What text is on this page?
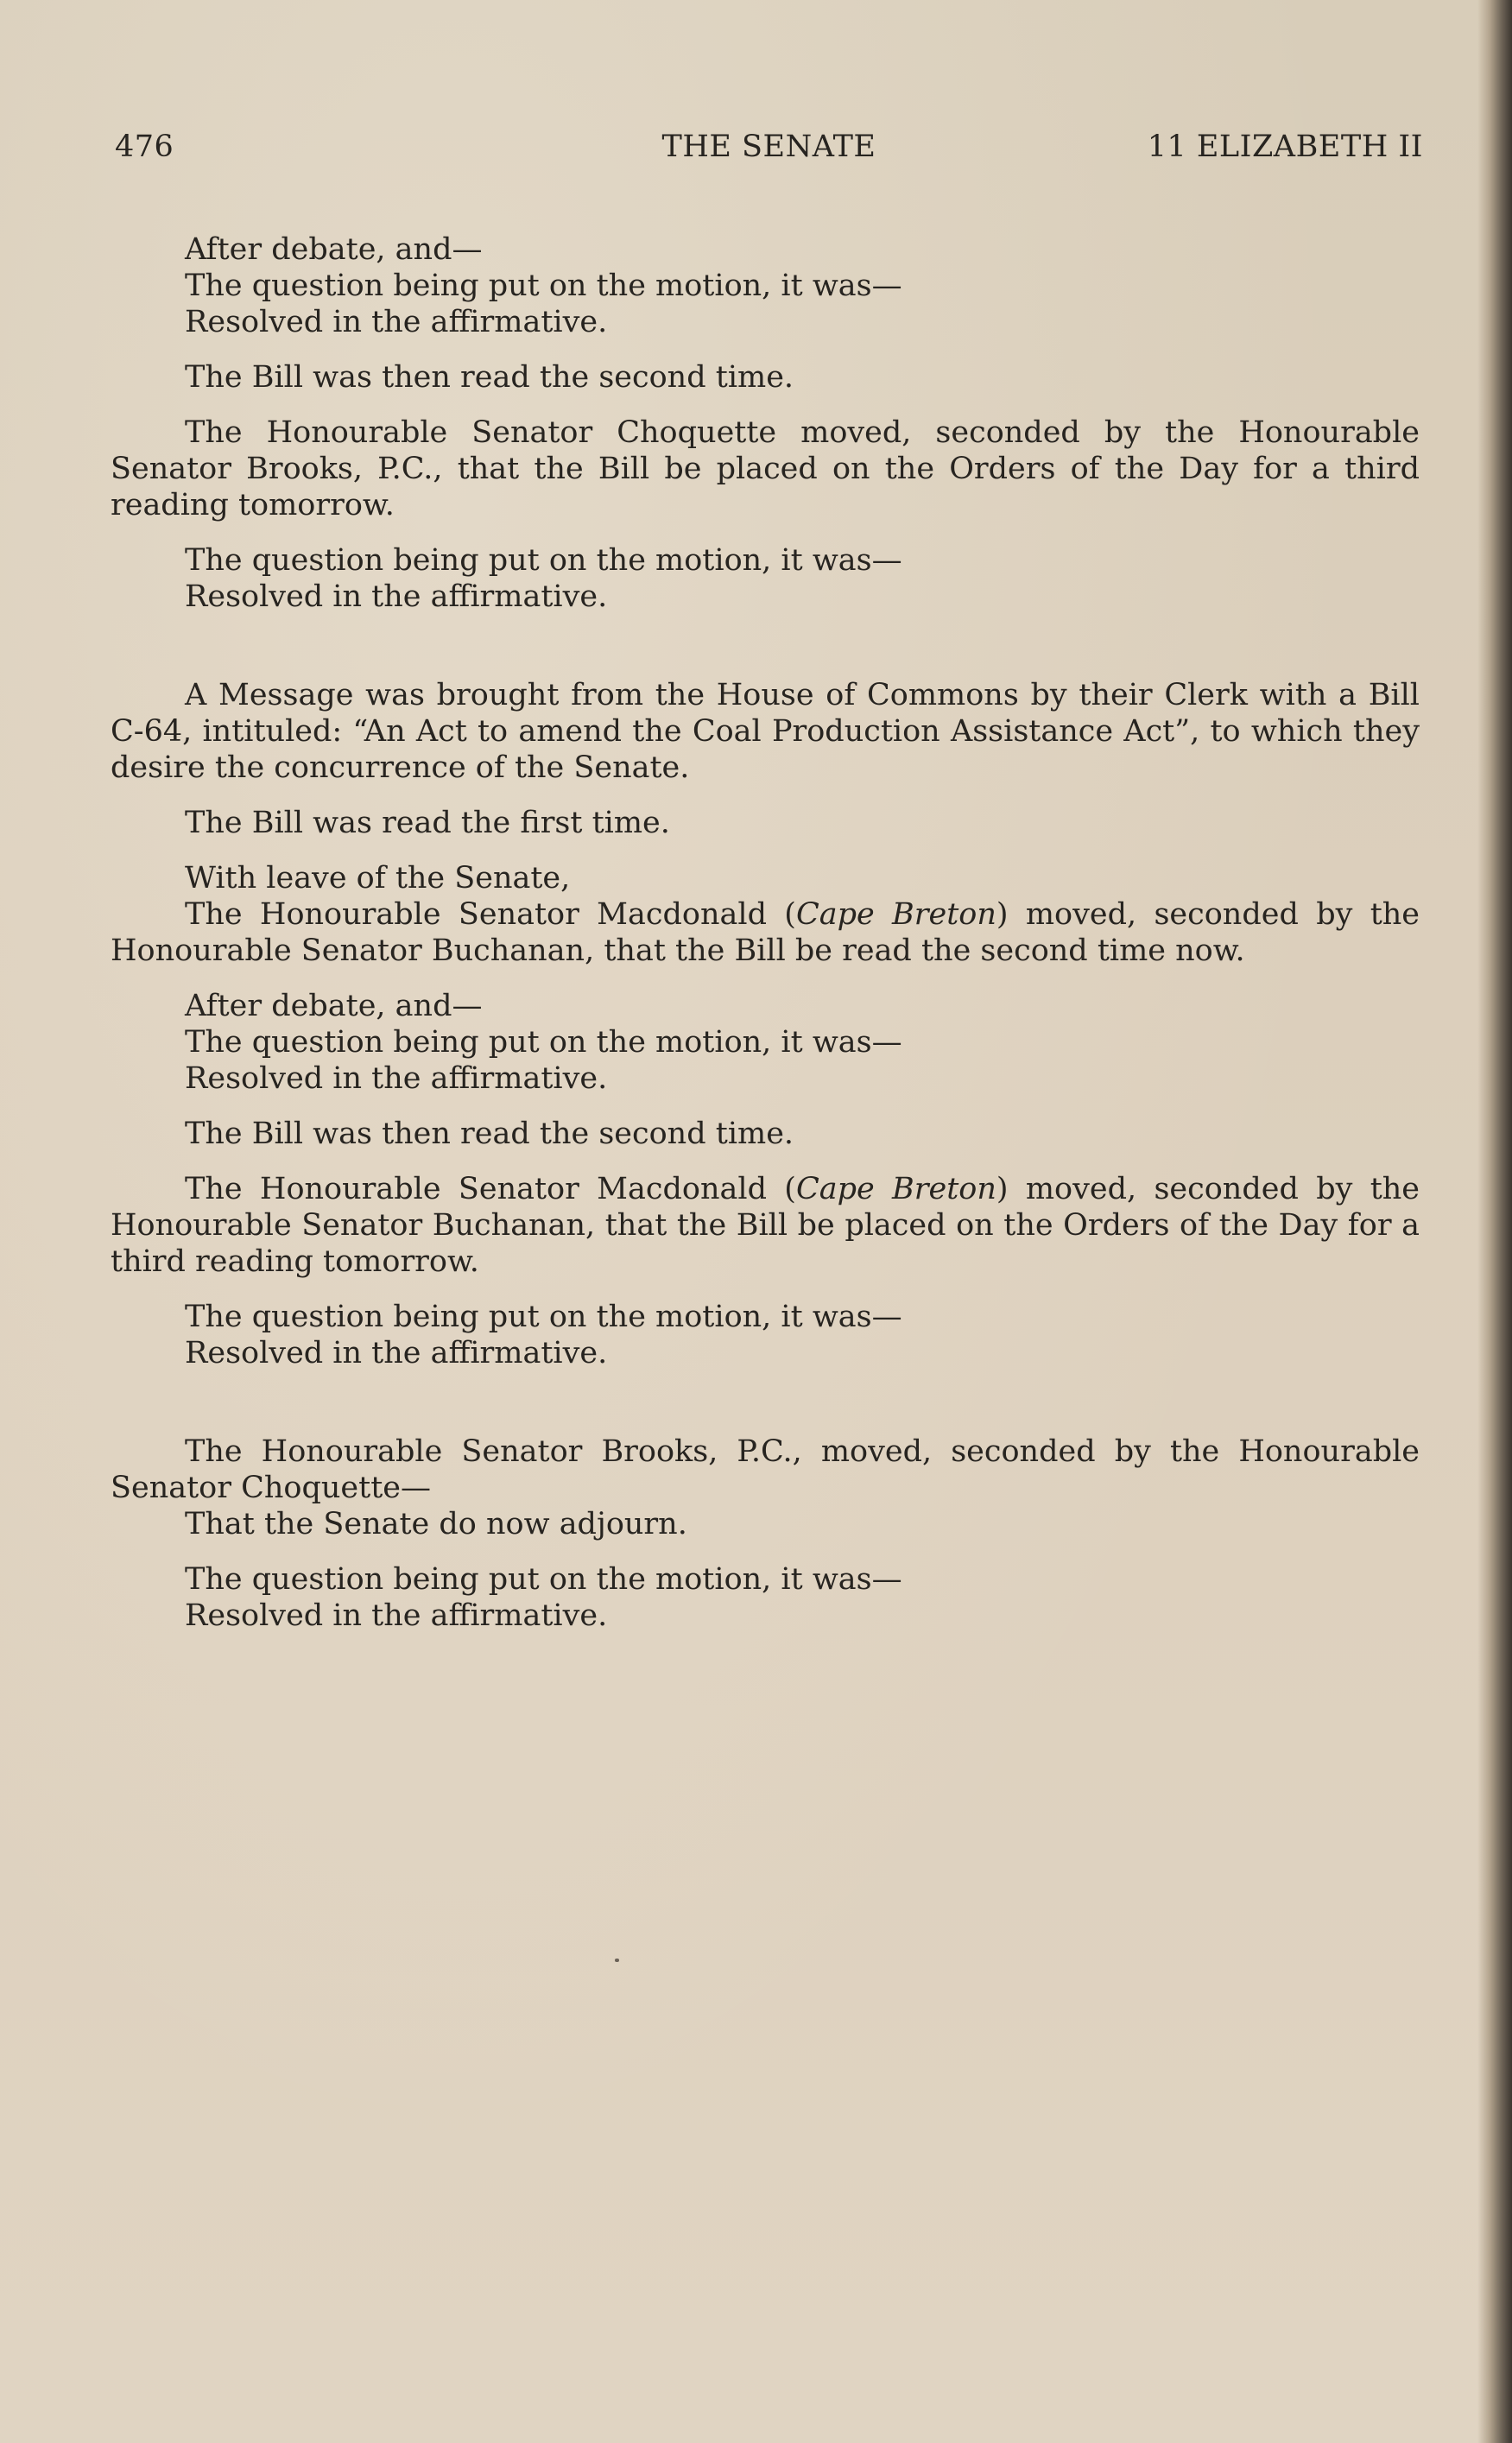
476	THE SENATE	11 ELIZABETH II

After debate, and—

The question being put on the motion, it was—

Resolved in the affirmative.

The Bill was then read the second time.

The Honourable Senator Choquette moved, seconded by the Honourable Senator Brooks, P.C., that the Bill be placed on the Orders of the Day for a third reading tomorrow.

The question being put on the motion, it was—

Resolved in the affirmative.

A Message was brought from the House of Commons by their Clerk with a Bill C-64, intituled: “An Act to amend the Coal Production Assistance Act”, to which they desire the concurrence of the Senate.

The Bill was read the first time.

With leave of the Senate,

The Honourable Senator Macdonald (Cape Breton) moved, seconded by the Honourable Senator Buchanan, that the Bill be read the second time now.

After debate, and—

The question being put on the motion, it was—

Resolved in the affirmative.

The Bill was then read the second time.

The Honourable Senator Macdonald (Cape Breton) moved, seconded by the Honourable Senator Buchanan, that the Bill be placed on the Orders of the Day for a third reading tomorrow.

The question being put on the motion, it was—

Resolved in the affirmative.

The Honourable Senator Brooks, P.C., moved, seconded by the Honourable Senator Choquette—

That the Senate do now adjourn.

The question being put on the motion, it was—

Resolved in the affirmative.
